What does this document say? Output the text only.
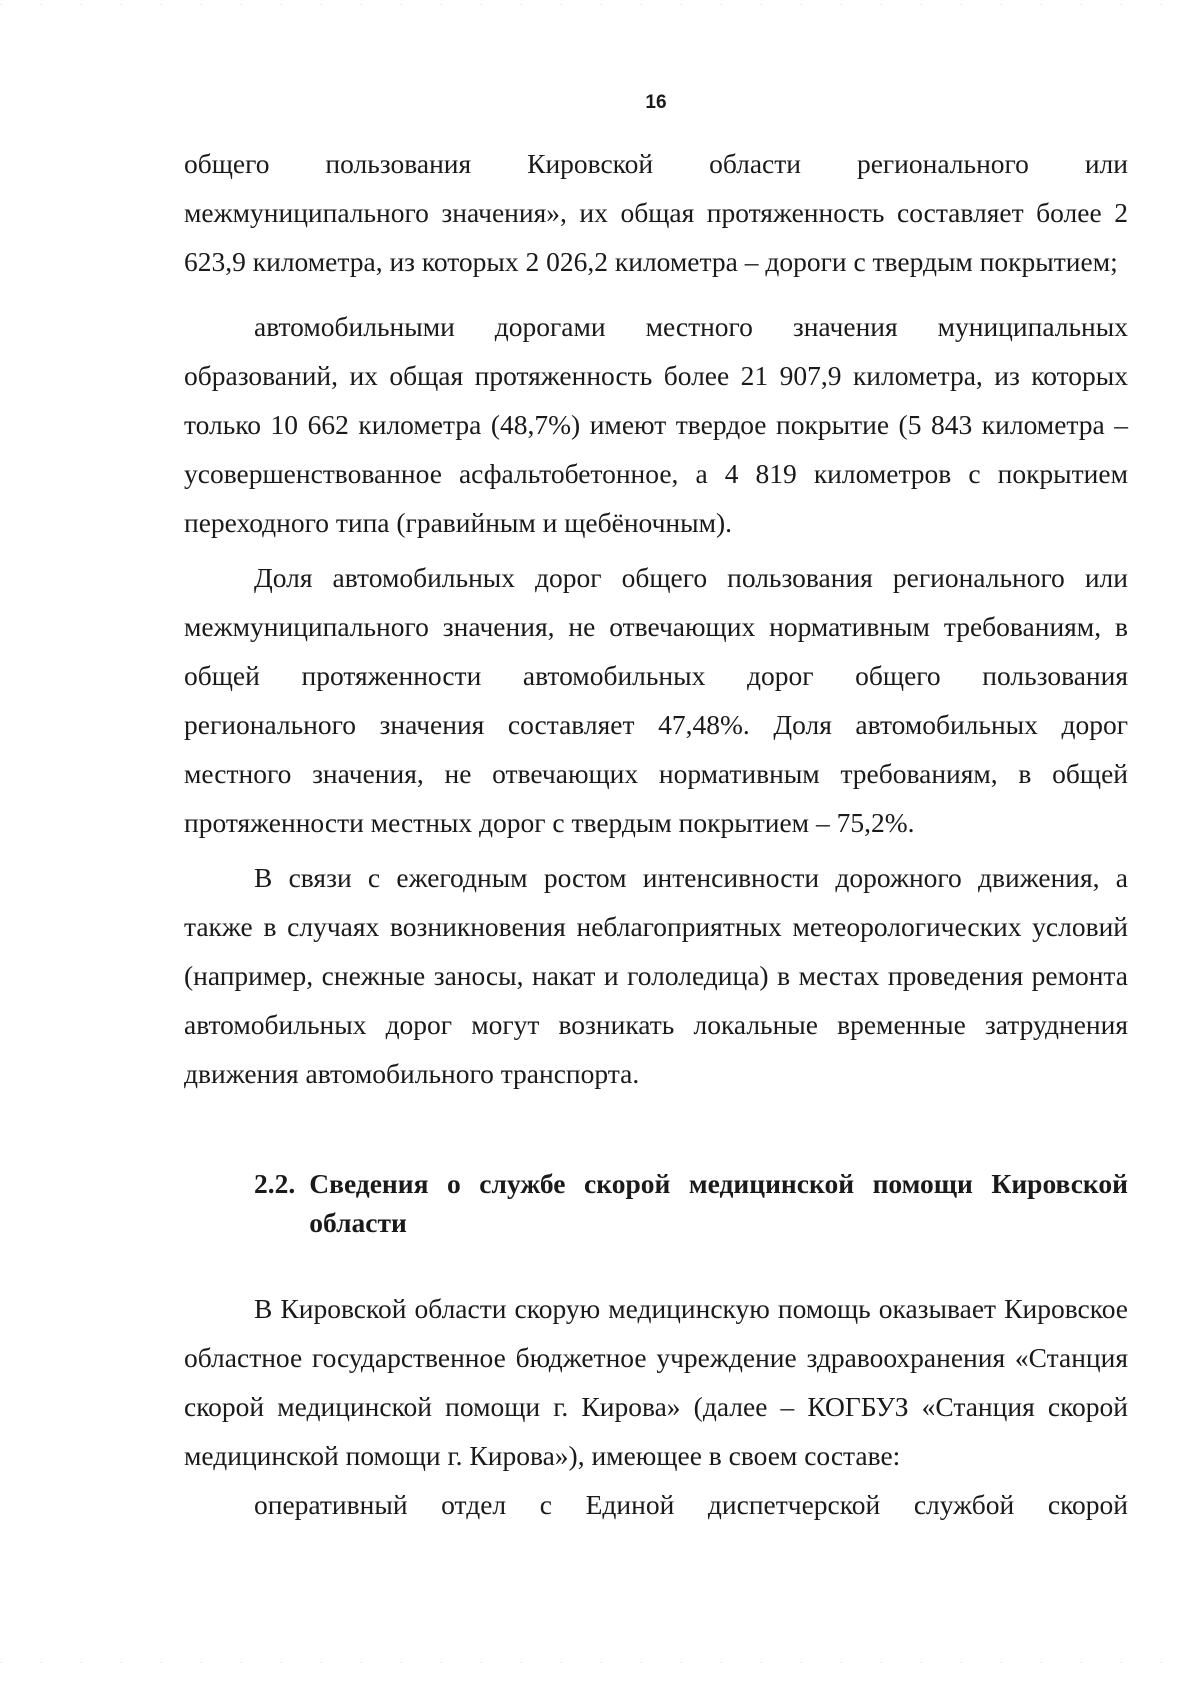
16

общего пользования Кировской области регионального или межмуниципального значения», их общая протяженность составляет более 2 623,9 километра, из которых 2 026,2 километра – дороги с твердым покрытием;

автомобильными дорогами местного значения муниципальных образований, их общая протяженность более 21 907,9 километра, из которых только 10 662 километра (48,7%) имеют твердое покрытие (5 843 километра – усовершенствованное асфальтобетонное, а 4 819 километров с покрытием переходного типа (гравийным и щебёночным).

Доля автомобильных дорог общего пользования регионального или межмуниципального значения, не отвечающих нормативным требованиям, в общей протяженности автомобильных дорог общего пользования регионального значения составляет 47,48%. Доля автомобильных дорог местного значения, не отвечающих нормативным требованиям, в общей протяженности местных дорог с твердым покрытием – 75,2%.

В связи с ежегодным ростом интенсивности дорожного движения, а также в случаях возникновения неблагоприятных метеорологических условий (например, снежные заносы, накат и гололедица) в местах проведения ремонта автомобильных дорог могут возникать локальные временные затруднения движения автомобильного транспорта.

2.2. Сведения о службе скорой медицинской помощи Кировской области

В Кировской области скорую медицинскую помощь оказывает Кировское областное государственное бюджетное учреждение здравоохранения «Станция скорой медицинской помощи г. Кирова» (далее – КОГБУЗ «Станция скорой медицинской помощи г. Кирова»), имеющее в своем составе:

оперативный отдел с Единой диспетчерской службой скорой
